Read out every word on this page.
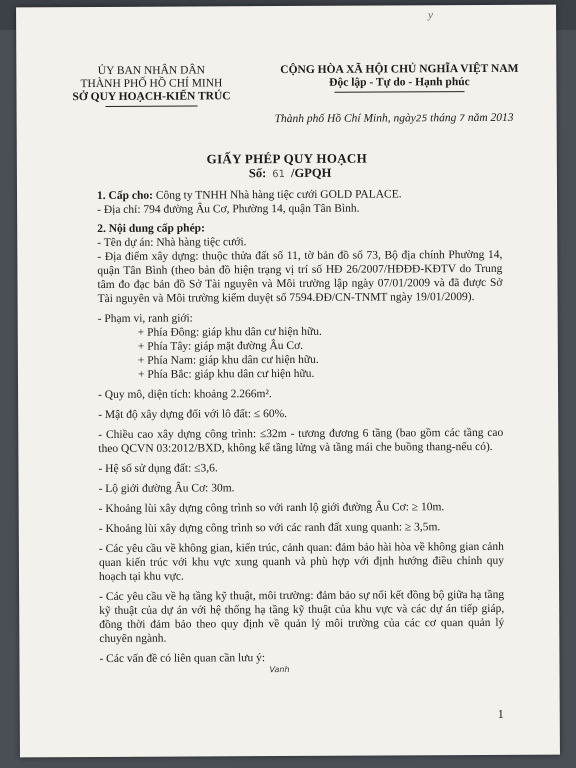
y
ỦY BAN NHÂN DÂN
THÀNH PHỐ HỒ CHÍ MINH
SỞ QUY HOẠCH-KIẾN TRÚC
CỘNG HÒA XÃ HỘI CHỦ NGHĨA VIỆT NAM
Độc lập - Tự do - Hạnh phúc
Thành phố Hồ Chí Minh, ngày25 tháng 7 năm 2013
GIẤY PHÉP QUY HOẠCH
Số: 61 /GPQH

1. Cấp cho: Công ty TNHH Nhà hàng tiệc cưới GOLD PALACE.

- Địa chỉ: 794 đường Âu Cơ, Phường 14, quận Tân Bình.

2. Nội dung cấp phép:

- Tên dự án: Nhà hàng tiệc cưới.

- Địa điểm xây dựng: thuộc thửa đất số 11, tờ bản đồ số 73, Bộ địa chính Phường 14, quận Tân Bình (theo bản đồ hiện trạng vị trí số HĐ 26/2007/HĐĐĐ-KĐTV do Trung tâm đo đạc bản đồ Sở Tài nguyên và Môi trường lập ngày 07/01/2009 và đã được Sở Tài nguyên và Môi trường kiểm duyệt số 7594.ĐĐ/CN-TNMT ngày 19/01/2009).

- Phạm vi, ranh giới:

+ Phía Đông: giáp khu dân cư hiện hữu.

+ Phía Tây: giáp mặt đường Âu Cơ.

+ Phía Nam: giáp khu dân cư hiện hữu.

+ Phía Bắc: giáp khu dân cư hiện hữu.

- Quy mô, diện tích: khoảng 2.266m².

- Mật độ xây dựng đối với lô đất: ≤ 60%.

- Chiều cao xây dựng công trình: ≤32m - tương đương 6 tầng (bao gồm các tầng cao theo QCVN 03:2012/BXD, không kể tầng lửng và tầng mái che buồng thang-nếu có).

- Hệ số sử dụng đất: ≤3,6.

- Lộ giới đường Âu Cơ: 30m.

- Khoảng lùi xây dựng công trình so với ranh lộ giới đường Âu Cơ: ≥ 10m.

- Khoảng lùi xây dựng công trình so với các ranh đất xung quanh: ≥ 3,5m.

- Các yêu cầu về không gian, kiến trúc, cảnh quan: đảm bảo hài hòa về không gian cảnh quan kiến trúc với khu vực xung quanh và phù hợp với định hướng điều chỉnh quy hoạch tại khu vực.

- Các yêu cầu về hạ tầng kỹ thuật, môi trường: đảm bảo sự nối kết đồng bộ giữa hạ tầng kỹ thuật của dự án với hệ thống hạ tầng kỹ thuật của khu vực và các dự án tiếp giáp, đồng thời đảm bảo theo quy định về quản lý môi trường của các cơ quan quản lý chuyên ngành.

- Các vấn đề có liên quan cần lưu ý:

Vanh
1
